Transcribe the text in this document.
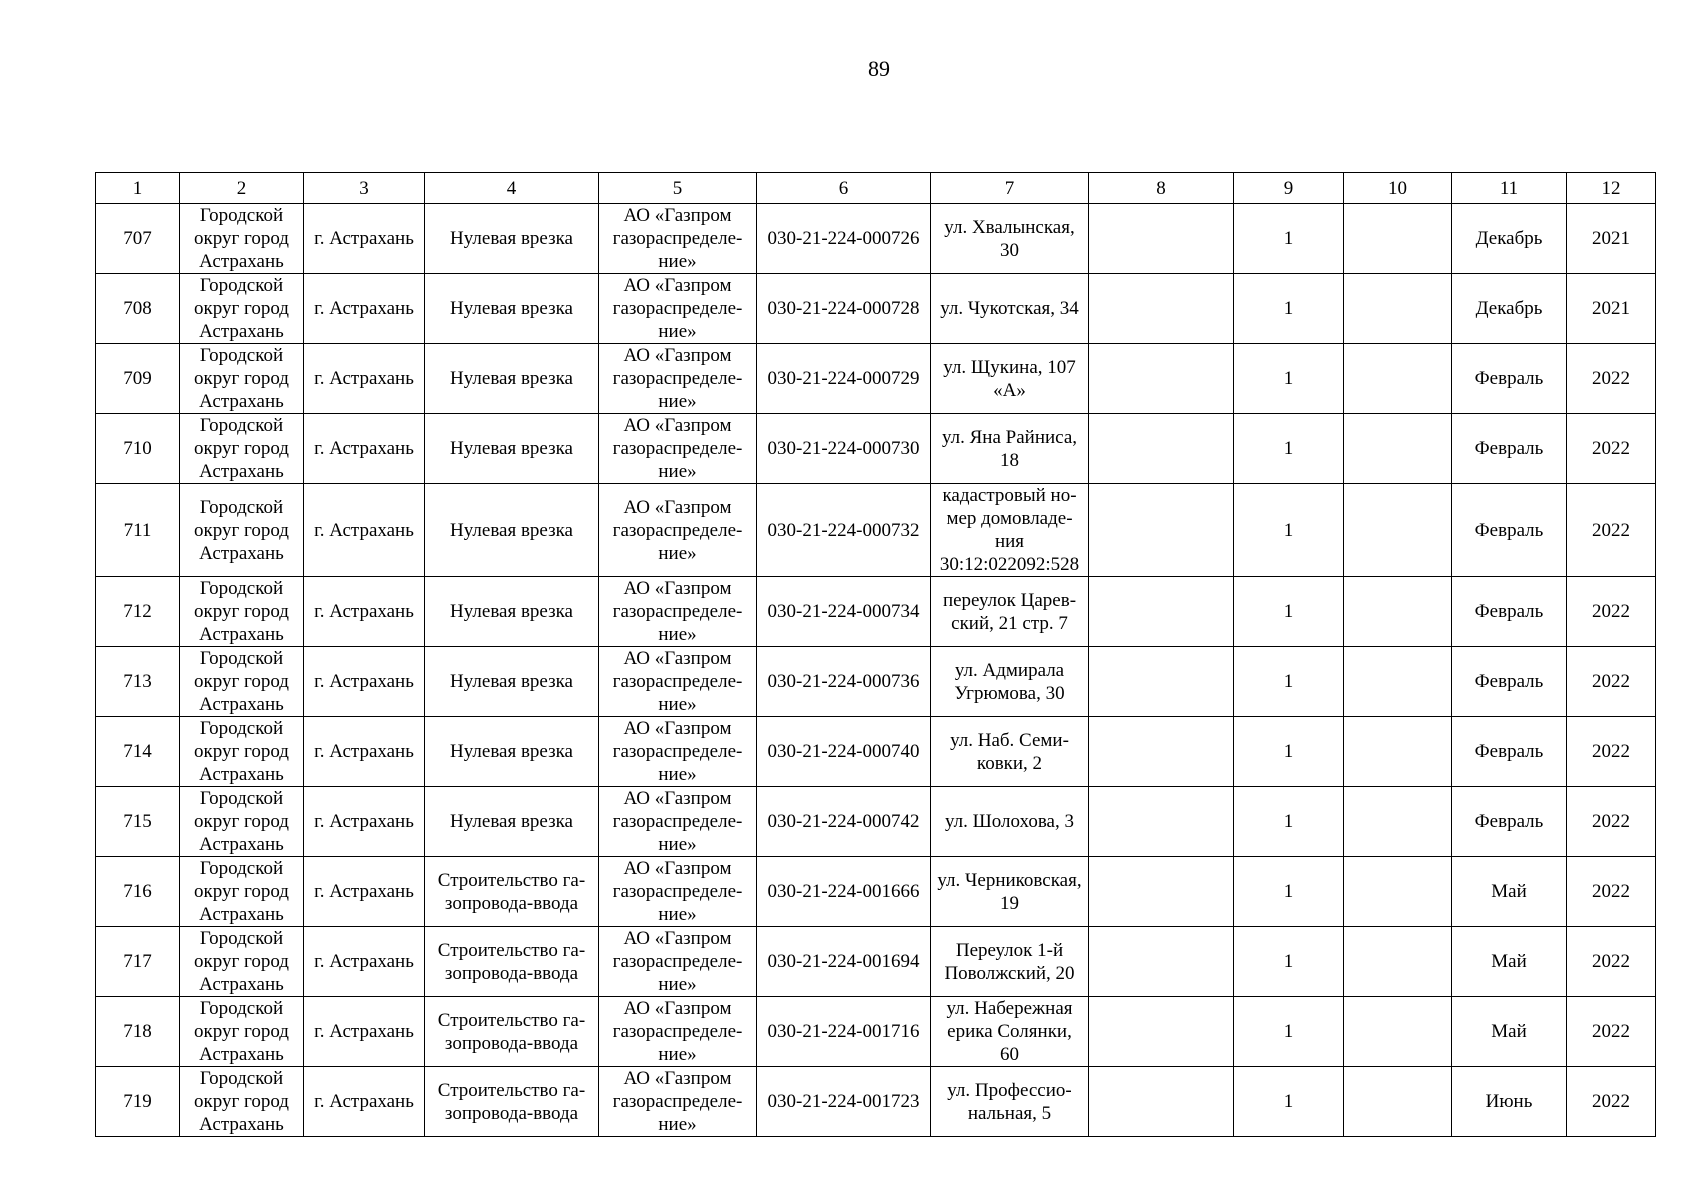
89
1	2	3	4	5	6	7	8	9	10	11	12
707	Городской
округ город
Астрахань	г. Астрахань	Нулевая врезка	АО «Газпром
газораспределе-
ние»	030-21-224-000726	ул. Хвалынская,
30		1		Декабрь	2021
708	Городской
округ город
Астрахань	г. Астрахань	Нулевая врезка	АО «Газпром
газораспределе-
ние»	030-21-224-000728	ул. Чукотская, 34		1		Декабрь	2021
709	Городской
округ город
Астрахань	г. Астрахань	Нулевая врезка	АО «Газпром
газораспределе-
ние»	030-21-224-000729	ул. Щукина, 107
«А»		1		Февраль	2022
710	Городской
округ город
Астрахань	г. Астрахань	Нулевая врезка	АО «Газпром
газораспределе-
ние»	030-21-224-000730	ул. Яна Райниса,
18		1		Февраль	2022
711	Городской
округ город
Астрахань	г. Астрахань	Нулевая врезка	АО «Газпром
газораспределе-
ние»	030-21-224-000732	кадастровый но-
мер домовладе-
ния
30:12:022092:528		1		Февраль	2022
712	Городской
округ город
Астрахань	г. Астрахань	Нулевая врезка	АО «Газпром
газораспределе-
ние»	030-21-224-000734	переулок Царев-
ский, 21 стр. 7		1		Февраль	2022
713	Городской
округ город
Астрахань	г. Астрахань	Нулевая врезка	АО «Газпром
газораспределе-
ние»	030-21-224-000736	ул. Адмирала
Угрюмова, 30		1		Февраль	2022
714	Городской
округ город
Астрахань	г. Астрахань	Нулевая врезка	АО «Газпром
газораспределе-
ние»	030-21-224-000740	ул. Наб. Семи-
ковки, 2		1		Февраль	2022
715	Городской
округ город
Астрахань	г. Астрахань	Нулевая врезка	АО «Газпром
газораспределе-
ние»	030-21-224-000742	ул. Шолохова, 3		1		Февраль	2022
716	Городской
округ город
Астрахань	г. Астрахань	Строительство га-
зопровода-ввода	АО «Газпром
газораспределе-
ние»	030-21-224-001666	ул. Черниковская,
19		1		Май	2022
717	Городской
округ город
Астрахань	г. Астрахань	Строительство га-
зопровода-ввода	АО «Газпром
газораспределе-
ние»	030-21-224-001694	Переулок 1-й
Поволжский, 20		1		Май	2022
718	Городской
округ город
Астрахань	г. Астрахань	Строительство га-
зопровода-ввода	АО «Газпром
газораспределе-
ние»	030-21-224-001716	ул. Набережная
ерика Солянки,
60		1		Май	2022
719	Городской
округ город
Астрахань	г. Астрахань	Строительство га-
зопровода-ввода	АО «Газпром
газораспределе-
ние»	030-21-224-001723	ул. Профессио-
нальная, 5		1		Июнь	2022
